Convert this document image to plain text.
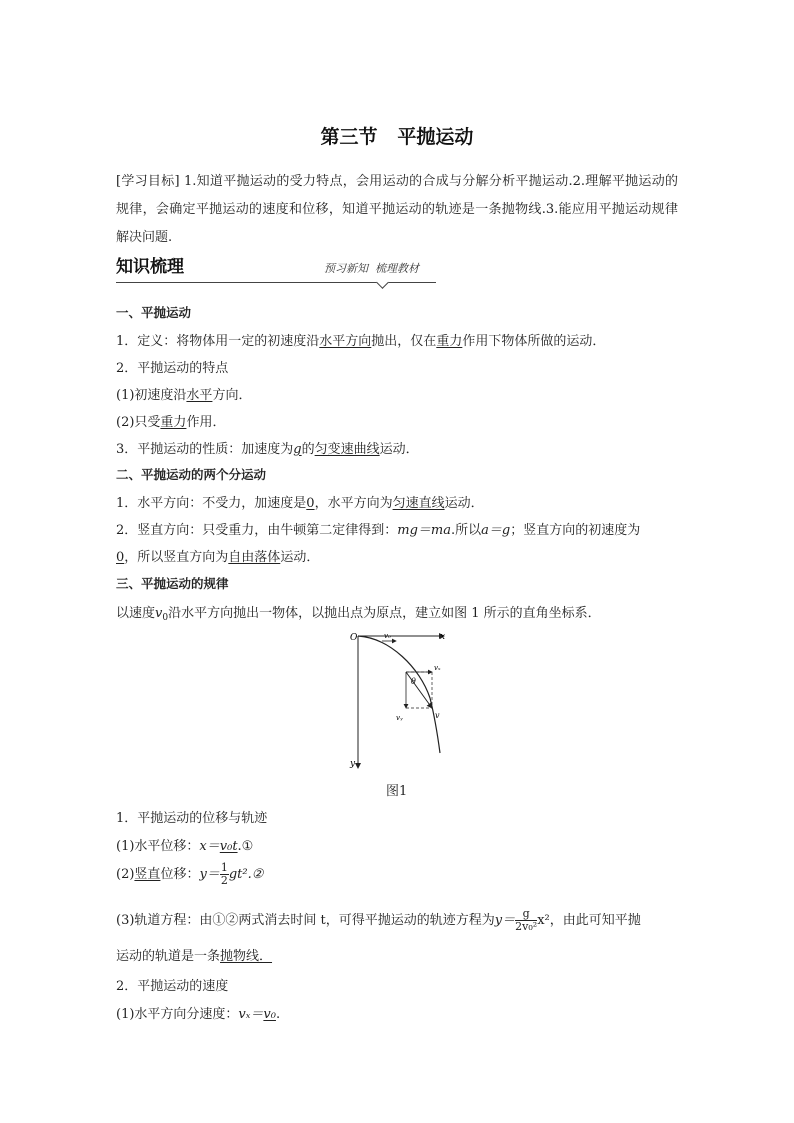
第三节 平抛运动
[学习目标] 1.知道平抛运动的受力特点，会用运动的合成与分解分析平抛运动.2.理解平抛运动的规律，会确定平抛运动的速度和位移，知道平抛运动的轨迹是一条抛物线.3.能应用平抛运动规律解决问题.
知识梳理	预习新知  梳理教材
一、平抛运动
1．定义：将物体用一定的初速度沿水平方向抛出，仅在重力作用下物体所做的运动．
2．平抛运动的特点
(1)初速度沿水平方向．
(2)只受重力作用．
3．平抛运动的性质：加速度为g的匀变速曲线运动．
二、平抛运动的两个分运动
1．水平方向：不受力，加速度是0，水平方向为匀速直线运动．
2．竖直方向：只受重力，由牛顿第二定律得到：mg＝ma.所以a＝g；竖直方向的初速度为
0，所以竖直方向为自由落体运动．
三、平抛运动的规律
以速度$v_0$沿水平方向抛出一物体，以抛出点为原点，建立如图 1 所示的直角坐标系．
O	x
y
v₀
vₓ
vᵧ	v
θ
图1
1．平抛运动的位移与轨迹
(1)水平位移：x＝v₀t.①
(2)竖直位移：$y= \frac{1}{2}$ gt².②
(3)轨道方程：由①②两式消去时间 t，可得平抛运动的轨迹方程为$y= \frac{g}{\text{2v₀²}} x^2$，由此可知平抛
运动的轨道是一条抛物线．
2．平抛运动的速度
(1)水平方向分速度：vₓ＝v₀.
